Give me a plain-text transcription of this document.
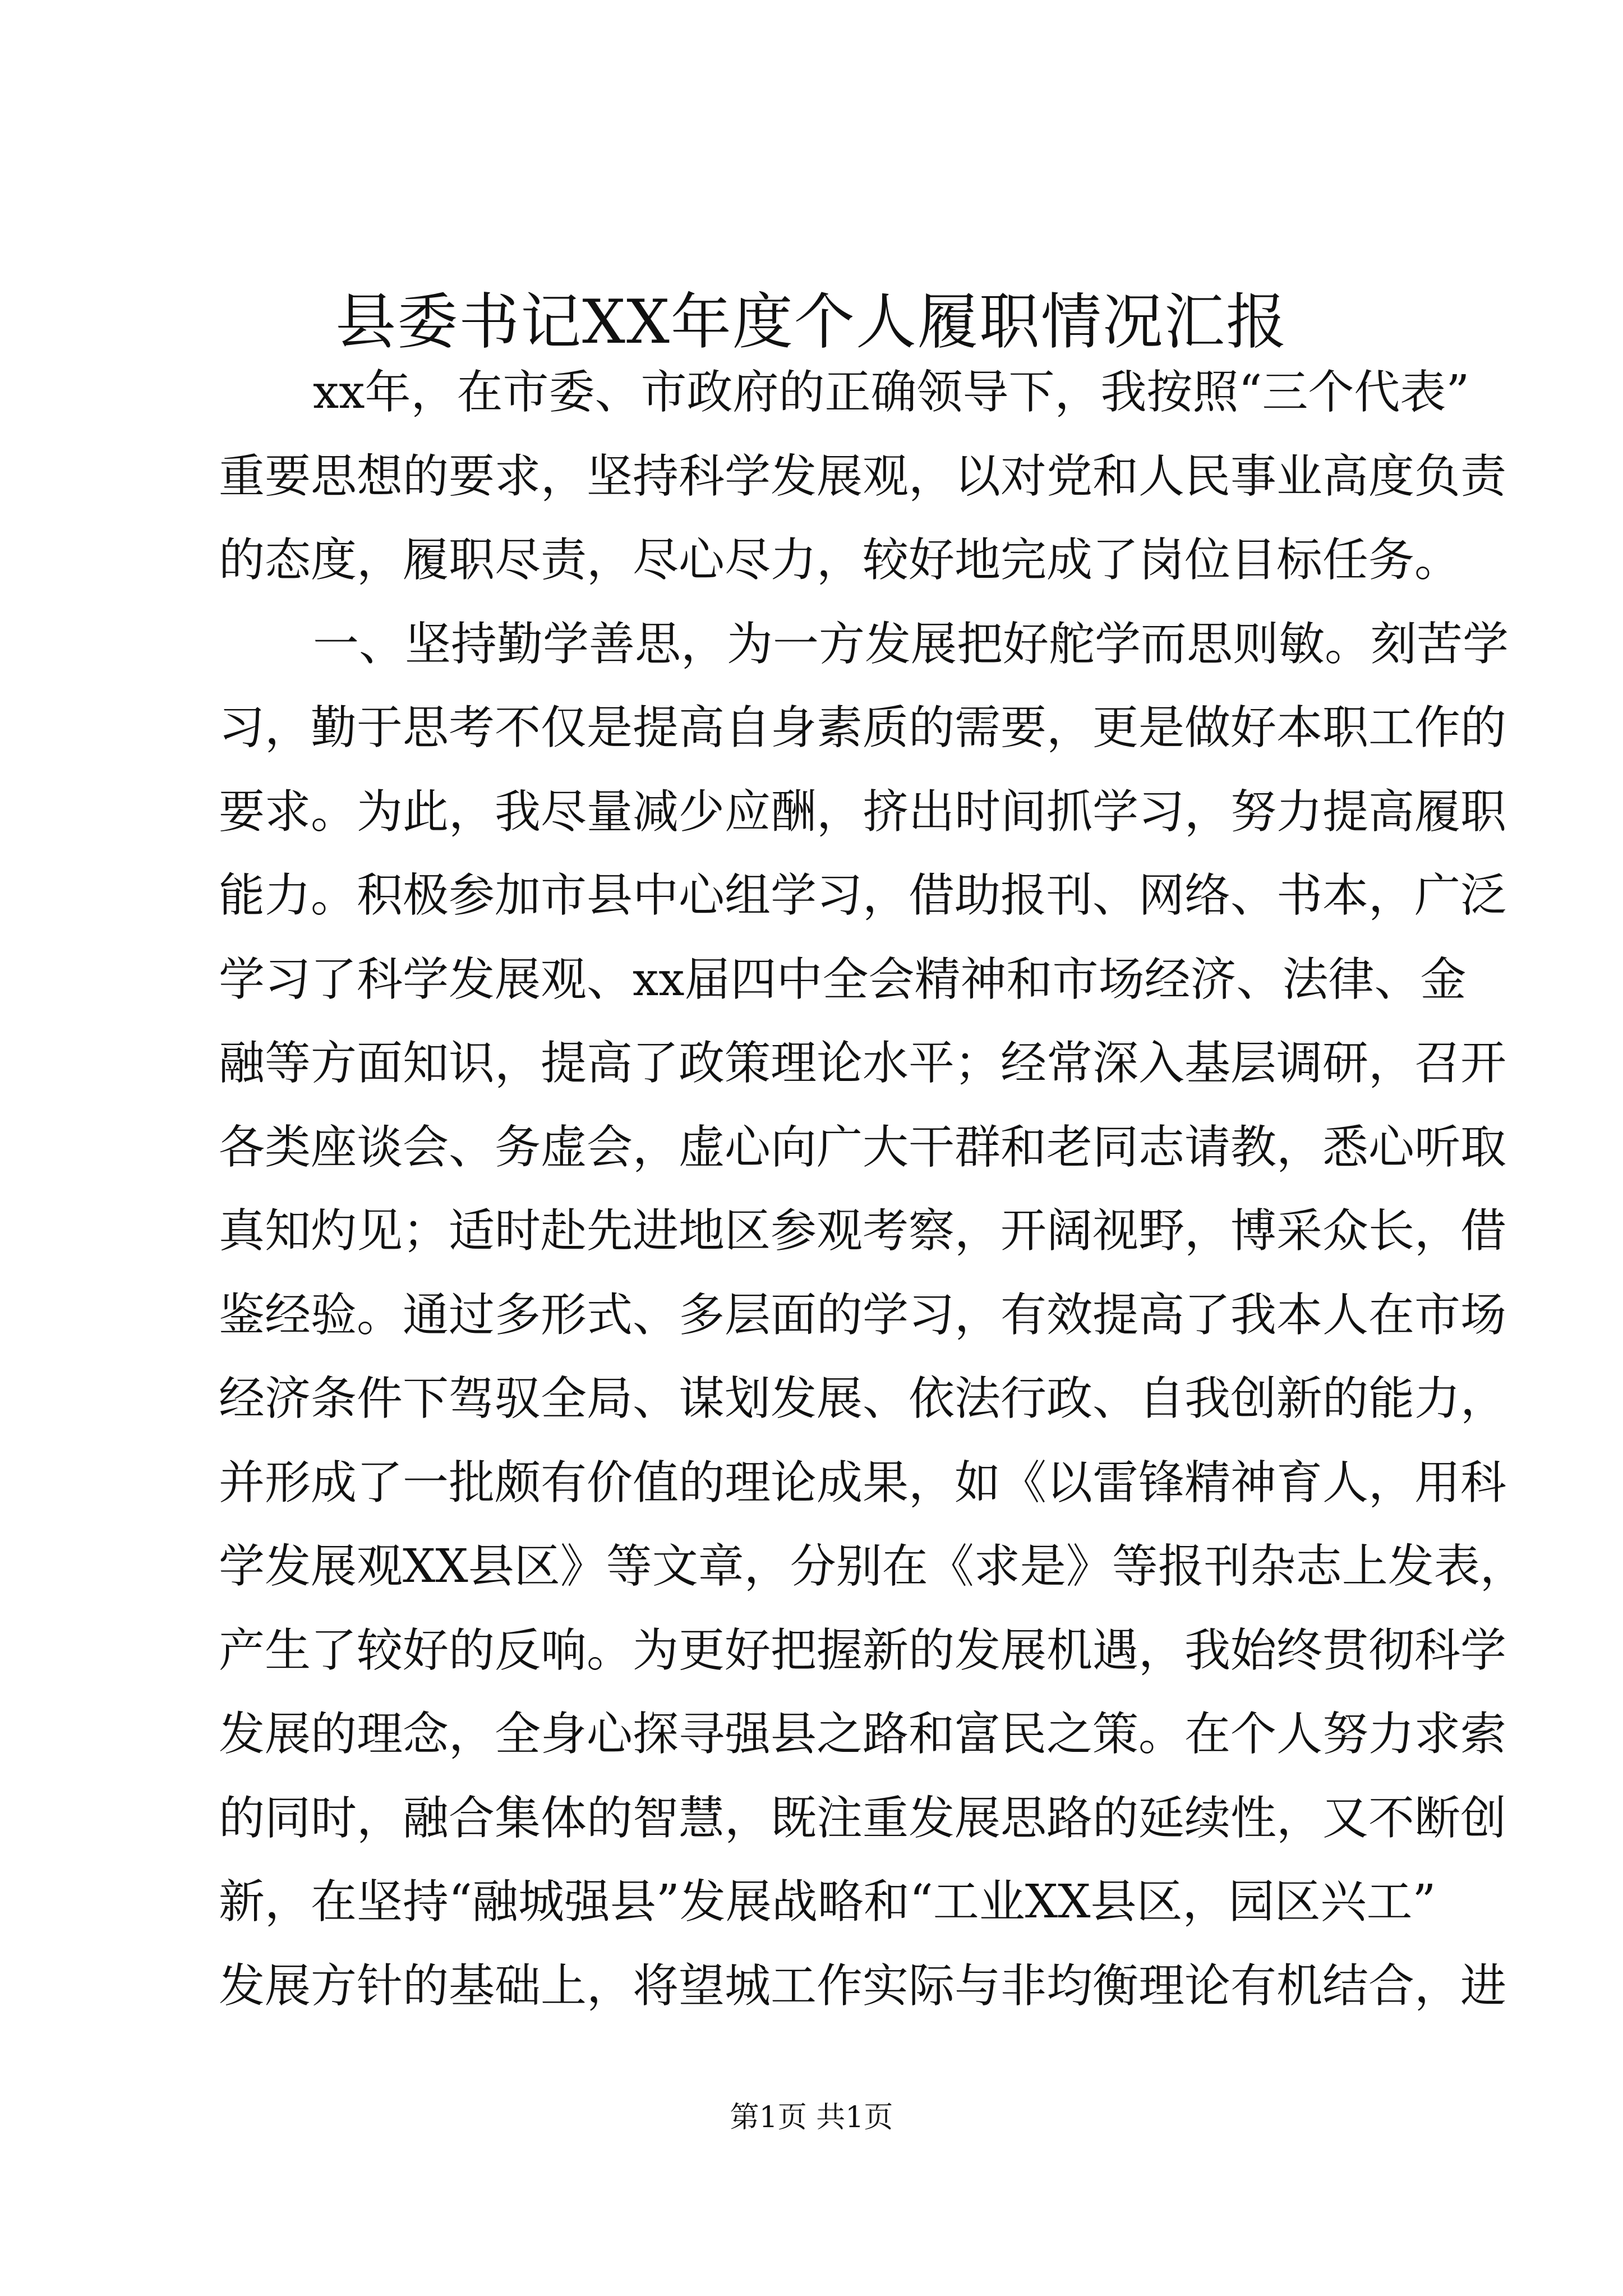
县委书记XX年度个人履职情况汇报
xx年，在市委、市政府的正确领导下，我按照“三个代表”
重要思想的要求，坚持科学发展观，以对党和人民事业高度负责
的态度，履职尽责，尽心尽力，较好地完成了岗位目标任务。
一、坚持勤学善思，为一方发展把好舵学而思则敏。刻苦学
习，勤于思考不仅是提高自身素质的需要，更是做好本职工作的
要求。为此，我尽量减少应酬，挤出时间抓学习，努力提高履职
能力。积极参加市县中心组学习，借助报刊、网络、书本，广泛
学习了科学发展观、xx届四中全会精神和市场经济、法律、金
融等方面知识，提高了政策理论水平；经常深入基层调研，召开
各类座谈会、务虚会，虚心向广大干群和老同志请教，悉心听取
真知灼见；适时赴先进地区参观考察，开阔视野，博采众长，借
鉴经验。通过多形式、多层面的学习，有效提高了我本人在市场
经济条件下驾驭全局、谋划发展、依法行政、自我创新的能力，
并形成了一批颇有价值的理论成果，如《以雷锋精神育人，用科
学发展观XX县区》等文章，分别在《求是》等报刊杂志上发表，
产生了较好的反响。为更好把握新的发展机遇，我始终贯彻科学
发展的理念，全身心探寻强县之路和富民之策。在个人努力求索
的同时，融合集体的智慧，既注重发展思路的延续性，又不断创
新，在坚持“融城强县”发展战略和“工业XX县区，园区兴工”
发展方针的基础上，将望城工作实际与非均衡理论有机结合，进
第1页 共1页
